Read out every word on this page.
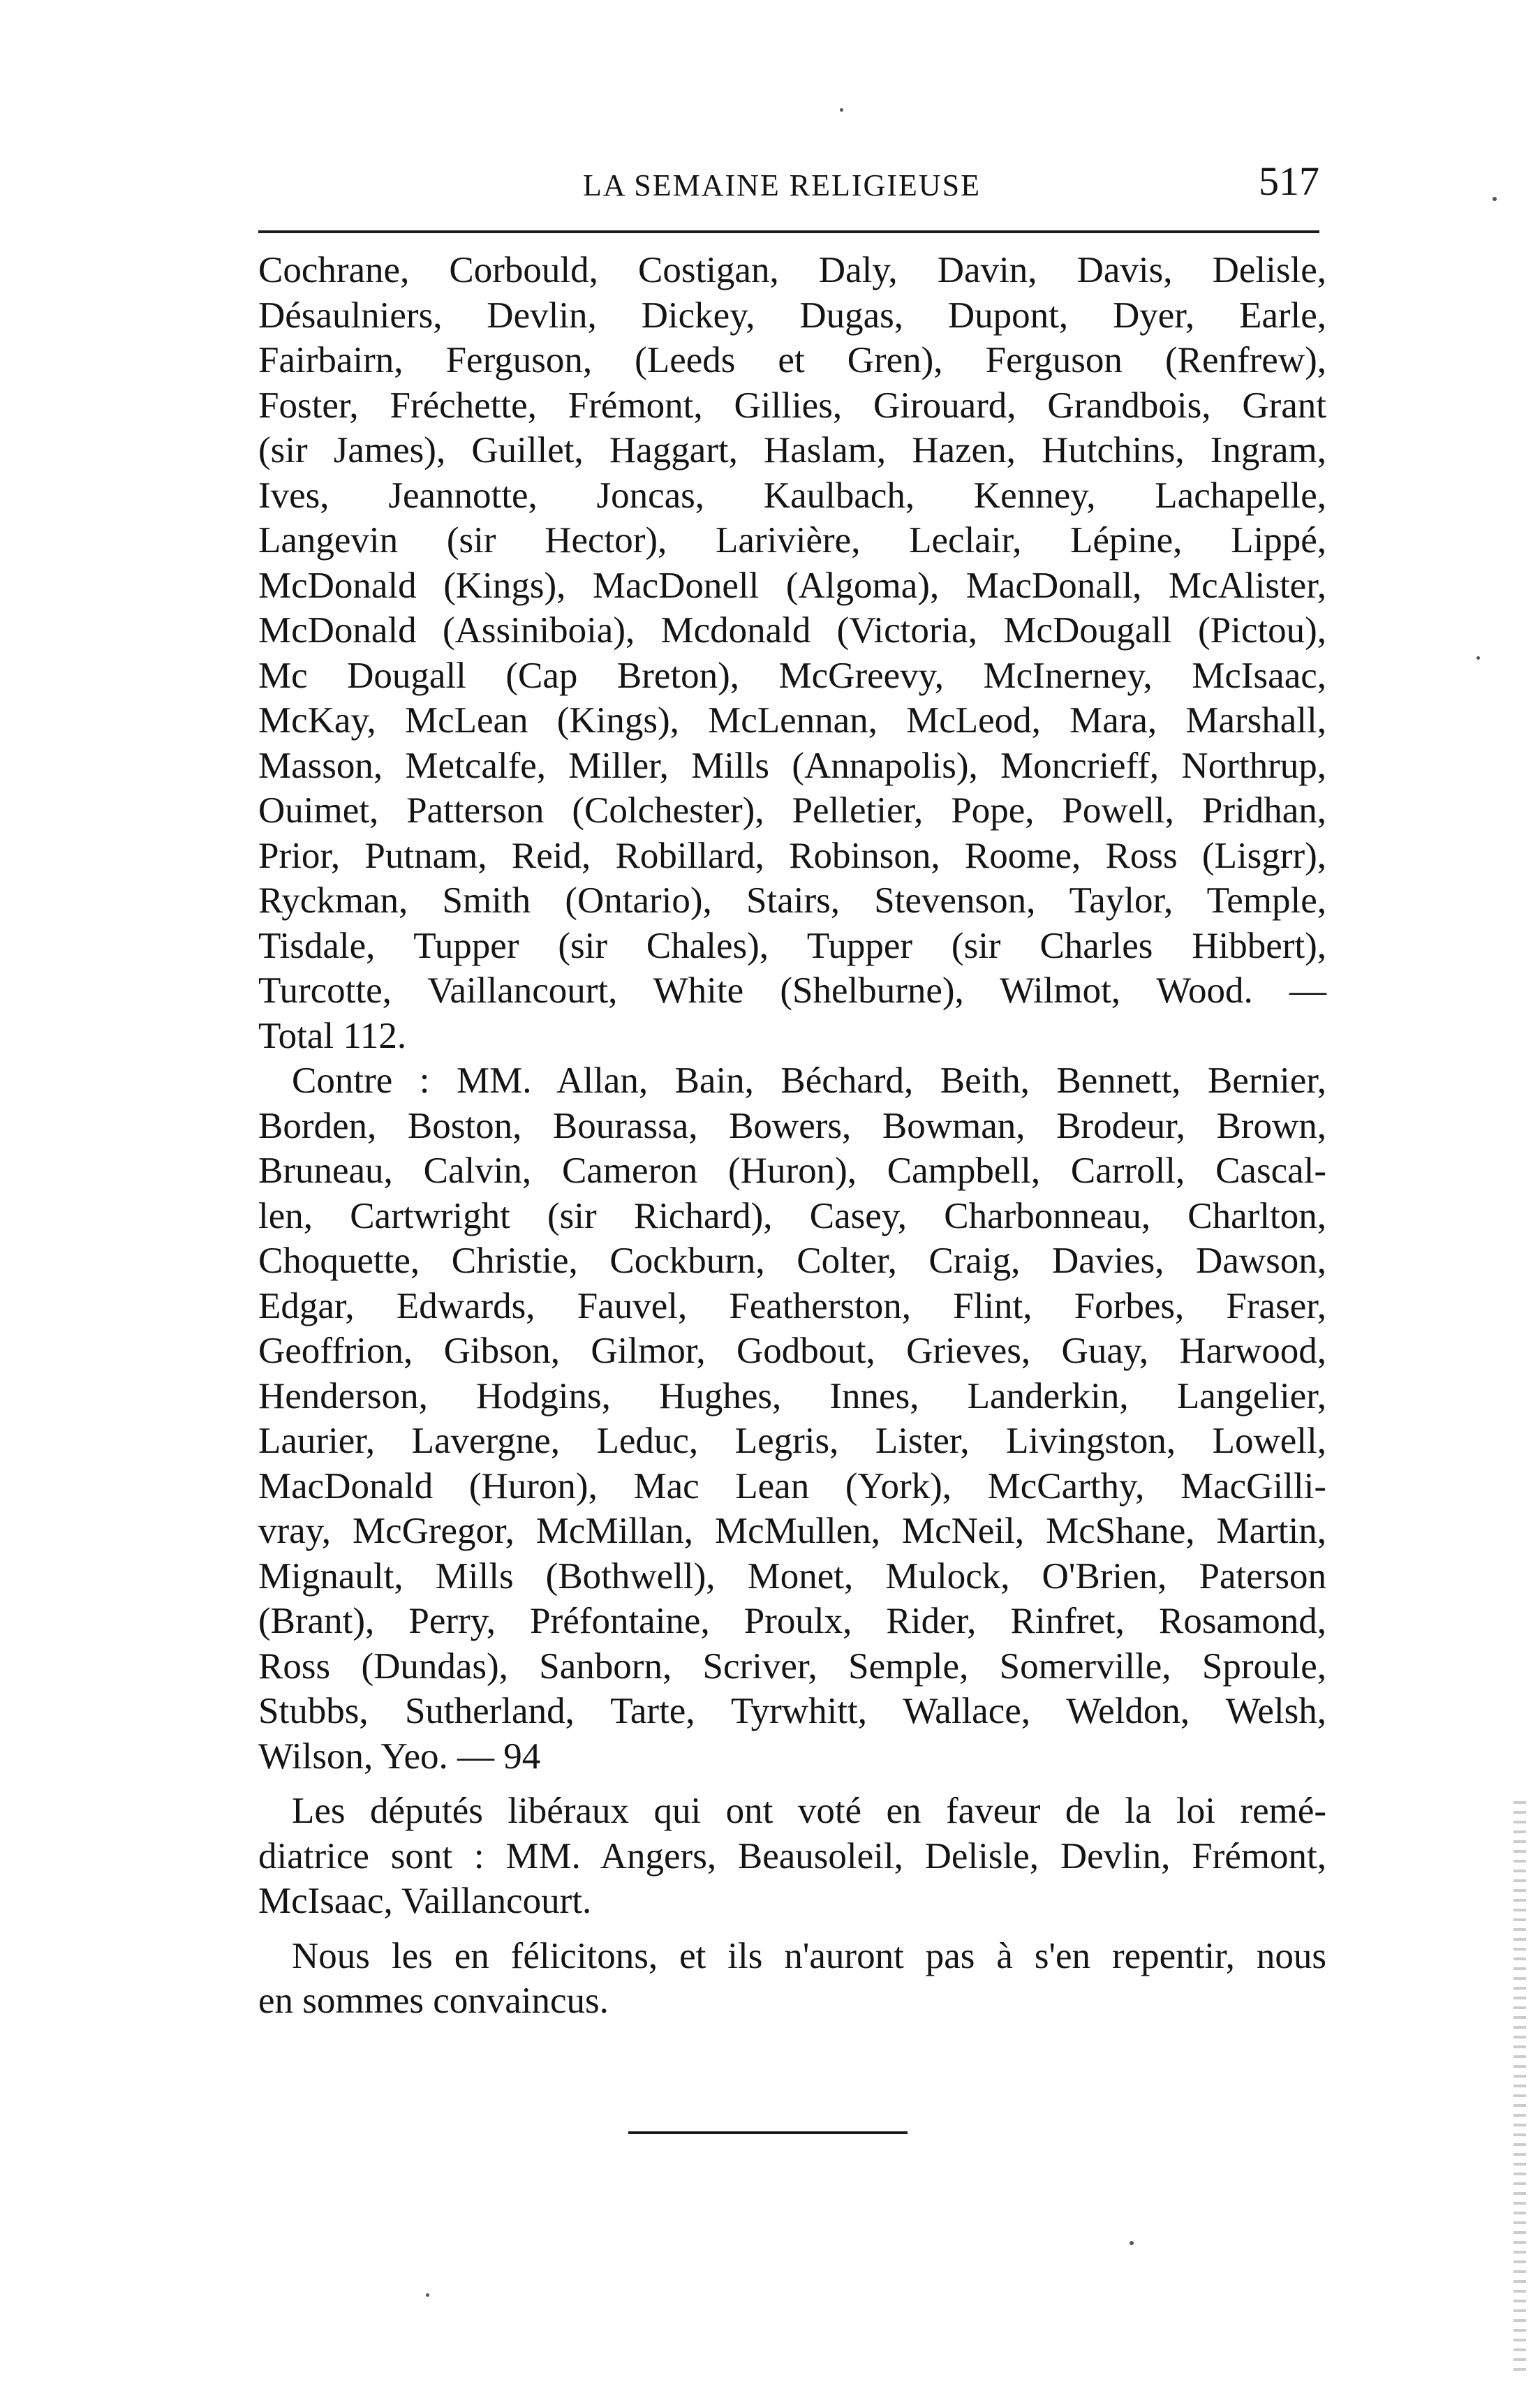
LA SEMAINE RELIGIEUSE	517
Cochrane, Corbould, Costigan, Daly, Davin, Davis, Delisle,
Désaulniers, Devlin, Dickey, Dugas, Dupont, Dyer, Earle,
Fairbairn, Ferguson, (Leeds et Gren), Ferguson (Renfrew),
Foster, Fréchette, Frémont, Gillies, Girouard, Grandbois, Grant
(sir James), Guillet, Haggart, Haslam, Hazen, Hutchins, Ingram,
Ives, Jeannotte, Joncas, Kaulbach, Kenney, Lachapelle,
Langevin (sir Hector), Larivière, Leclair, Lépine, Lippé,
McDonald (Kings), MacDonell (Algoma), MacDonall, McAlister,
McDonald (Assiniboia), Mcdonald (Victoria, McDougall (Pictou),
Mc Dougall (Cap Breton), McGreevy, McInerney, McIsaac,
McKay, McLean (Kings), McLennan, McLeod, Mara, Marshall,
Masson, Metcalfe, Miller, Mills (Annapolis), Moncrieff, Northrup,
Ouimet, Patterson (Colchester), Pelletier, Pope, Powell, Pridhan,
Prior, Putnam, Reid, Robillard, Robinson, Roome, Ross (Lisgrr),
Ryckman, Smith (Ontario), Stairs, Stevenson, Taylor, Temple,
Tisdale, Tupper (sir Chales), Tupper (sir Charles Hibbert),
Turcotte, Vaillancourt, White (Shelburne), Wilmot, Wood. —
Total 112.
Contre : MM. Allan, Bain, Béchard, Beith, Bennett, Bernier,
Borden, Boston, Bourassa, Bowers, Bowman, Brodeur, Brown,
Bruneau, Calvin, Cameron (Huron), Campbell, Carroll, Cascal-
len, Cartwright (sir Richard), Casey, Charbonneau, Charlton,
Choquette, Christie, Cockburn, Colter, Craig, Davies, Dawson,
Edgar, Edwards, Fauvel, Featherston, Flint, Forbes, Fraser,
Geoffrion, Gibson, Gilmor, Godbout, Grieves, Guay, Harwood,
Henderson, Hodgins, Hughes, Innes, Landerkin, Langelier,
Laurier, Lavergne, Leduc, Legris, Lister, Livingston, Lowell,
MacDonald (Huron), Mac Lean (York), McCarthy, MacGilli-
vray, McGregor, McMillan, McMullen, McNeil, McShane, Martin,
Mignault, Mills (Bothwell), Monet, Mulock, O'Brien, Paterson
(Brant), Perry, Préfontaine, Proulx, Rider, Rinfret, Rosamond,
Ross (Dundas), Sanborn, Scriver, Semple, Somerville, Sproule,
Stubbs, Sutherland, Tarte, Tyrwhitt, Wallace, Weldon, Welsh,
Wilson, Yeo. — 94
Les députés libéraux qui ont voté en faveur de la loi remé-
diatrice sont : MM. Angers, Beausoleil, Delisle, Devlin, Frémont,
McIsaac, Vaillancourt.
Nous les en félicitons, et ils n'auront pas à s'en repentir, nous
en sommes convaincus.
